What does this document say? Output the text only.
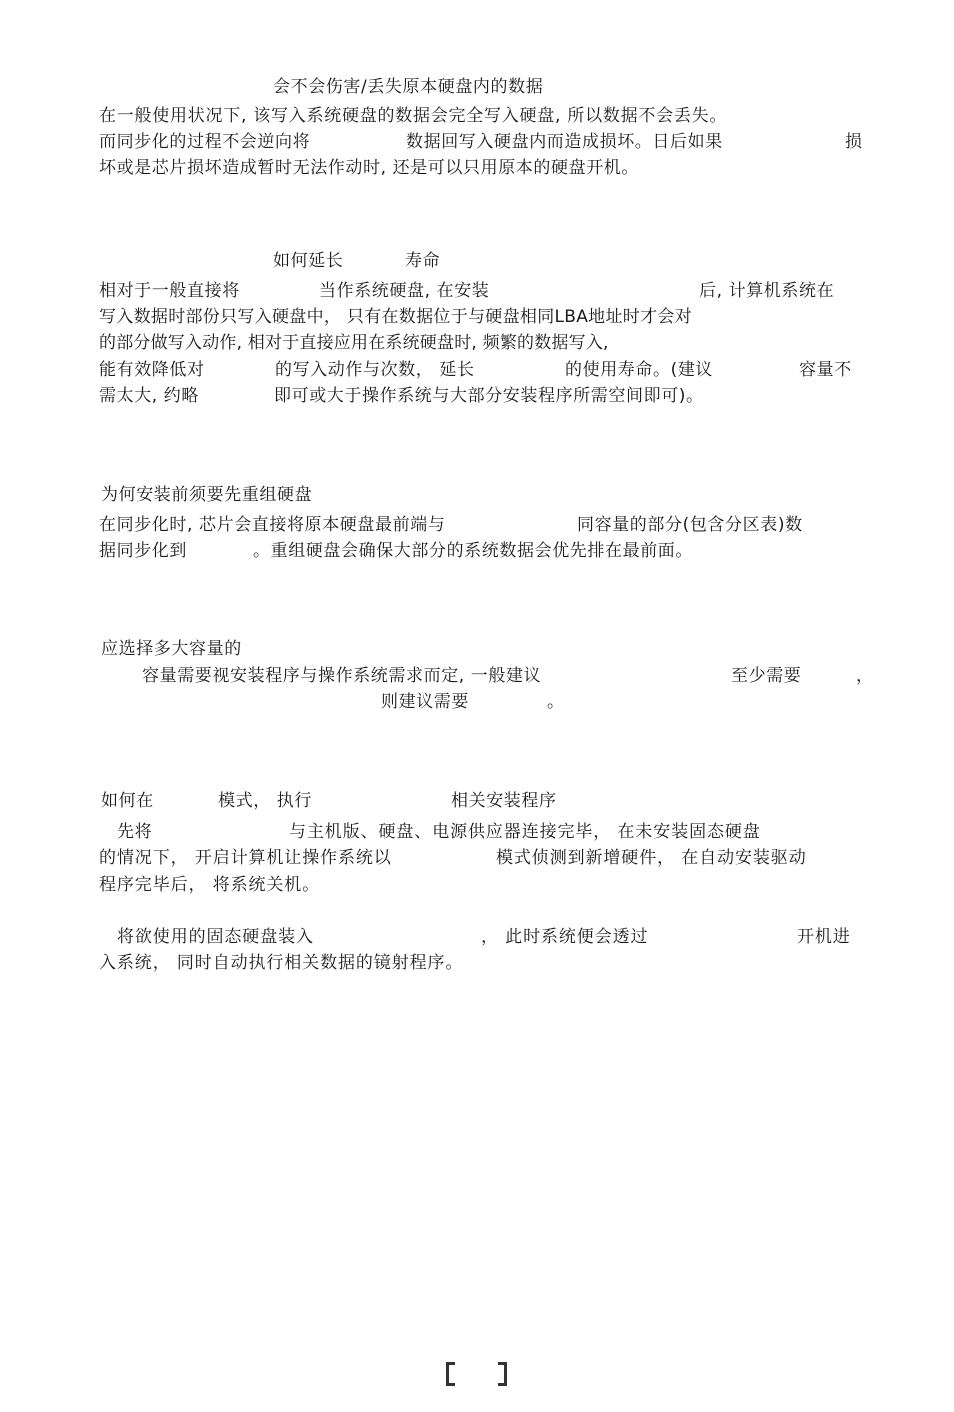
会不会伤害/丢失原本硬盘内的数据
在一般使用状况下, 该写入系统硬盘的数据会完全写入硬盘, 所以数据不会丢失。
而同步化的过程不会逆向将	数据回写入硬盘内而造成损坏。日后如果	损
坏或是芯片损坏造成暂时无法作动时, 还是可以只用原本的硬盘开机。
如何延长	寿命
相对于一般直接将	当作系统硬盘, 在安装	后, 计算机系统在
写入数据时部份只写入硬盘中， 只有在数据位于与硬盘相同LBA地址时才会对
的部分做写入动作, 相对于直接应用在系统硬盘时, 频繁的数据写入,
能有效降低对	的写入动作与次数， 延长	的使用寿命。(建议	容量不
需太大, 约略	即可或大于操作系统与大部分安装程序所需空间即可)。
为何安装前须要先重组硬盘
在同步化时, 芯片会直接将原本硬盘最前端与	同容量的部分(包含分区表)数
据同步化到	。重组硬盘会确保大部分的系统数据会优先排在最前面。
应选择多大容量的
容量需要视安装程序与操作系统需求而定, 一般建议	至少需要	，
则建议需要	。
如何在	模式， 执行	相关安装程序
先将	与主机版、硬盘、电源供应器连接完毕， 在未安装固态硬盘
的情况下， 开启计算机让操作系统以	模式侦测到新增硬件， 在自动安装驱动
程序完毕后， 将系统关机。
将欲使用的固态硬盘装入	， 此时系统便会透过	开机进
入系统， 同时自动执行相关数据的镜射程序。
